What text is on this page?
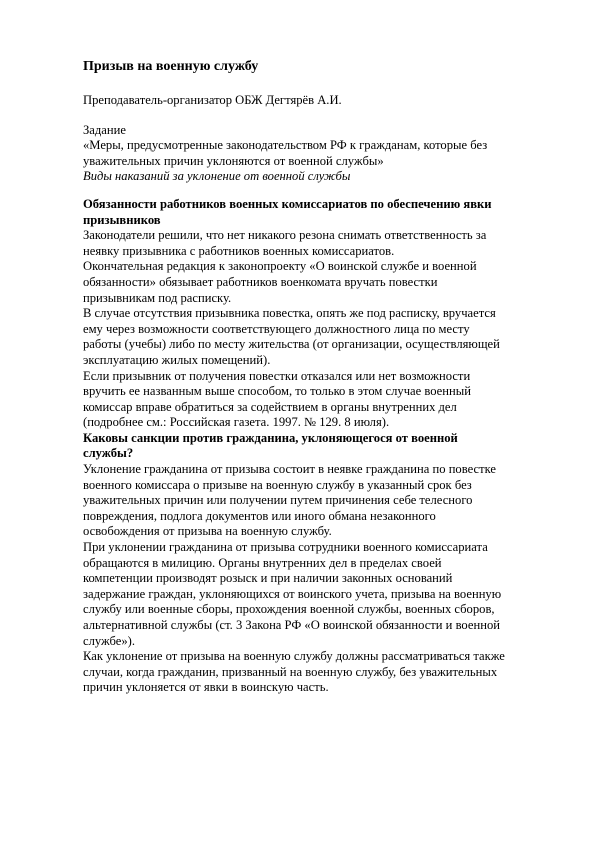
Призыв на военную службу
Преподаватель-организатор ОБЖ Дегтярёв А.И.

Задание

«Меры, предусмотренные законодательством РФ к гражданам, которые без
уважительных причин уклоняются от военной службы»

Виды наказаний за уклонение от военной службы

Обязанности работников военных комиссариатов по обеспечению явки
призывников

Законодатели решили, что нет никакого резона снимать ответственность за
неявку призывника с работников военных комиссариатов.

Окончательная редакция к законопроекту «О воинской службе и военной
обязанности» обязывает работников военкомата вручать повестки
призывникам под расписку.

В случае отсутствия призывника повестка, опять же под расписку, вручается
ему через возможности соответствующего должностного лица по месту
работы (учебы) либо по месту жительства (от организации, осуществляющей
эксплуатацию жилых помещений).

Если призывник от получения повестки отказался или нет возможности
вручить ее названным выше способом, то только в этом случае военный
комиссар вправе обратиться за содействием в органы внутренних дел
(подробнее см.: Российская газета. 1997. № 129. 8 июля).

Каковы санкции против гражданина, уклоняющегося от военной
службы?

Уклонение гражданина от призыва состоит в неявке гражданина по повестке
военного комиссара о призыве на военную службу в указанный срок без
уважительных причин или получении путем причинения себе телесного
повреждения, подлога документов или иного обмана незаконного
освобождения от призыва на военную службу.

При уклонении гражданина от призыва сотрудники военного комиссариата
обращаются в милицию. Органы внутренних дел в пределах своей
компетенции производят розыск и при наличии законных оснований
задержание граждан, уклоняющихся от воинского учета, призыва на военную
службу или военные сборы, прохождения военной службы, военных сборов,
альтернативной службы (ст. 3 Закона РФ «О воинской обязанности и военной
службе»).

Как уклонение от призыва на военную службу должны рассматриваться также
случаи, когда гражданин, призванный на военную службу, без уважительных
причин уклоняется от явки в воинскую часть.
